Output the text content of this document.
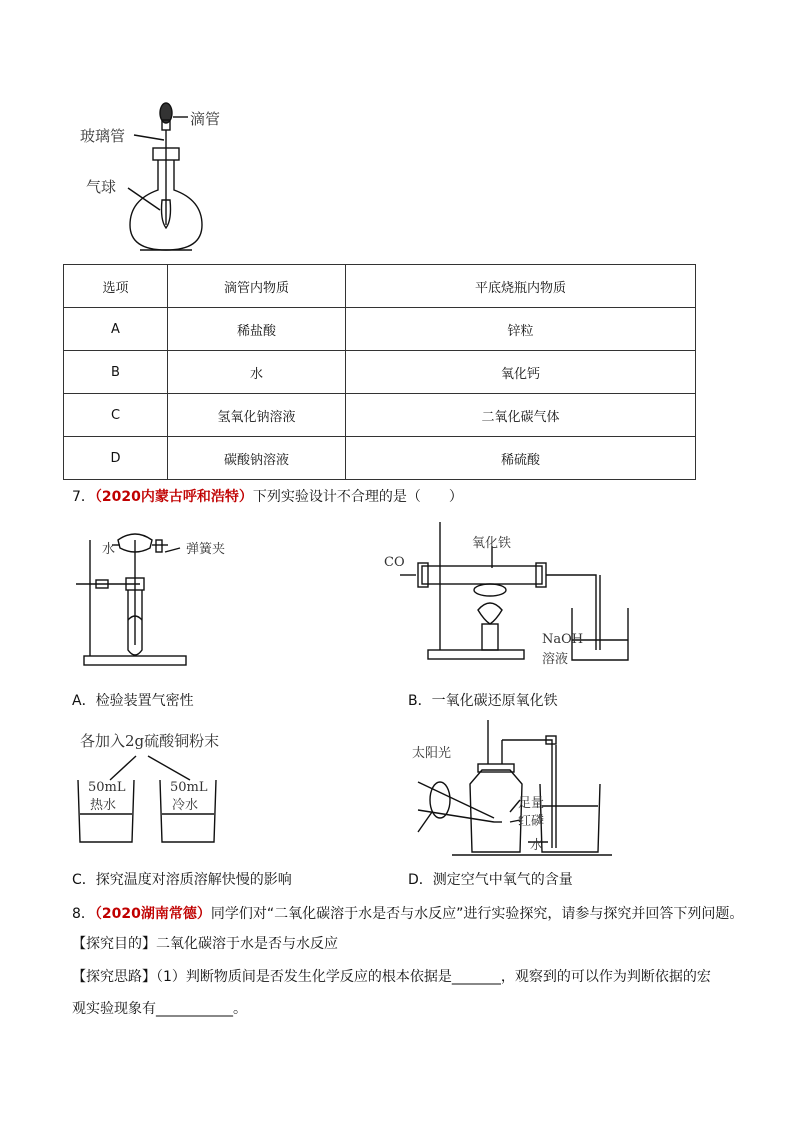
滴管
玻璃管
气球
选项	滴管内物质	平底烧瓶内物质
A	稀盐酸	锌粒
B	水	氧化钙
C	氢氧化钠溶液	二氧化碳气体
D	碳酸钠溶液	稀硫酸
7．（2020内蒙古呼和浩特）下列实验设计不合理的是（　　）
水	弹簧夹
A．检验装置气密性
CO
氧化铁
NaOH
溶液
B．一氧化碳还原氧化铁
各加入2g硫酸铜粉末
50mL
热水
50mL
冷水
C．探究温度对溶质溶解快慢的影响
太阳光
足量
红磷
水
D．测定空气中氧气的含量
8．（2020湖南常德）同学们对“二氧化碳溶于水是否与水反应”进行实验探究，请参与探究并回答下列问题。
【探究目的】二氧化碳溶于水是否与水反应
【探究思路】（1）判断物质间是否发生化学反应的根本依据是_______，观察到的可以作为判断依据的宏
观实验现象有___________。
